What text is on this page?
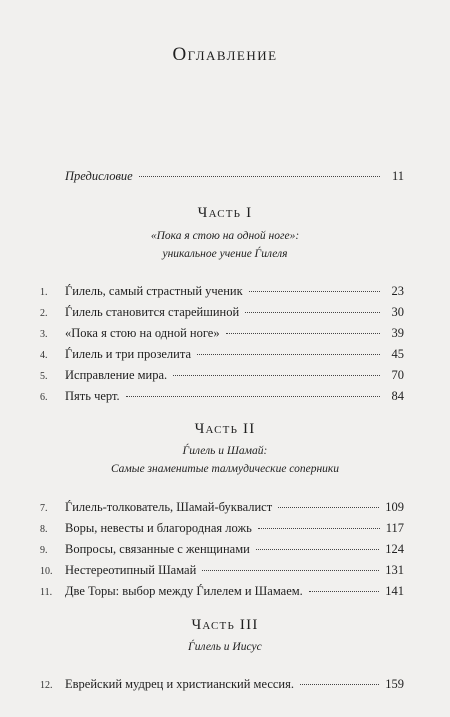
Оглавление
Предисловие	11
Часть I
«Пока я стою на одной ноге»:
уникальное учение Ѓилеля
1.	Ѓилель, самый страстный ученик	23
2.	Ѓилель становится старейшиной	30
3.	«Пока я стою на одной ноге»	39
4.	Ѓилель и три прозелита	45
5.	Исправление мира.	70
6.	Пять черт.	84
Часть II
Ѓилель и Шамай:
Самые знаменитые талмудические соперники
7.	Ѓилель-толкователь, Шамай-буквалист	109
8.	Воры, невесты и благородная ложь	117
9.	Вопросы, связанные с женщинами	124
10.	Нестереотипный Шамай	131
11.	Две Торы: выбор между Ѓилелем и Шамаем.	141
Часть III
Ѓилель и Иисус
12.	Еврейский мудрец и христианский мессия.	159
